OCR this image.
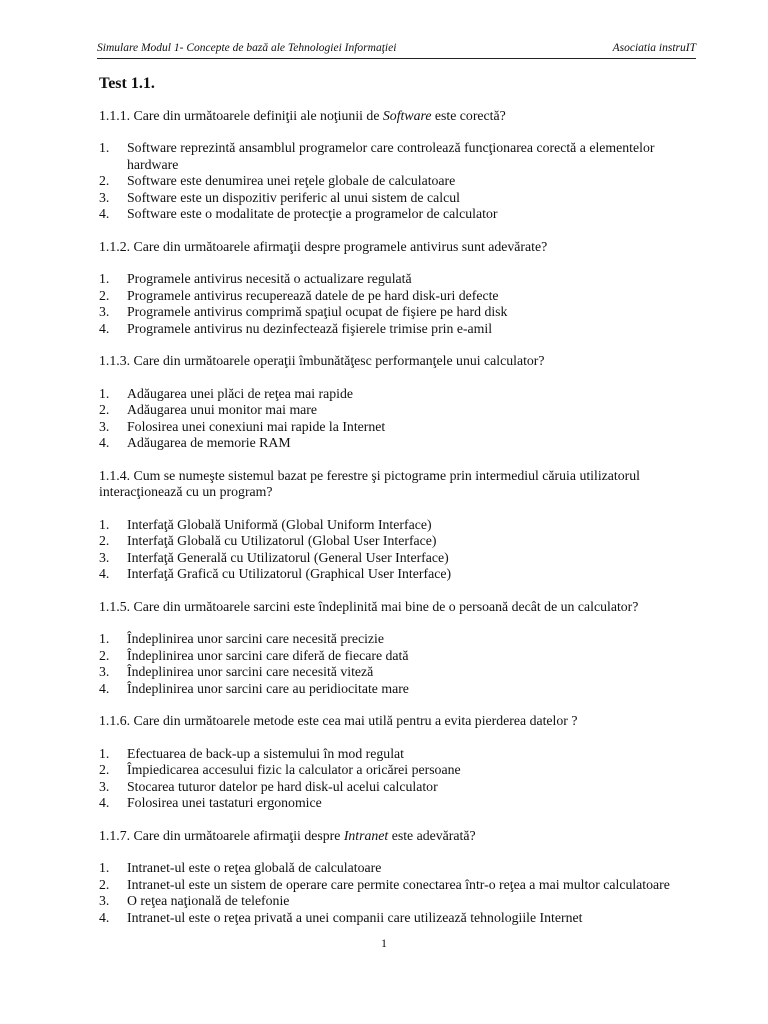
Simulare Modul 1- Concepte de bază ale Tehnologiei Informaţiei	Asociatia instruIT
Test 1.1.
1.1.1. Care din următoarele definiţii ale noţiunii de Software este corectă?
1. Software reprezintă ansamblul programelor care controlează funcţionarea corectă a elementelor hardware
2. Software este denumirea unei reţele globale de calculatoare
3. Software este un dispozitiv periferic al unui sistem de calcul
4. Software este o modalitate de protecţie a programelor de calculator
1.1.2. Care din următoarele afirmaţii despre programele antivirus sunt adevărate?
1. Programele antivirus necesită o actualizare regulată
2. Programele antivirus recuperează datele de pe hard disk-uri defecte
3. Programele antivirus comprimă spaţiul ocupat de fişiere pe hard disk
4. Programele antivirus nu dezinfectează fişierele trimise prin e-amil
1.1.3. Care din următoarele operaţii îmbunătăţesc performanţele unui calculator?
1. Adăugarea unei plăci de reţea mai rapide
2. Adăugarea unui monitor mai mare
3. Folosirea unei conexiuni mai rapide la Internet
4. Adăugarea de memorie RAM
1.1.4. Cum se numeşte sistemul bazat pe ferestre şi pictograme prin intermediul căruia utilizatorul interacţionează cu un program?
1. Interfaţă Globală Uniformă (Global Uniform Interface)
2. Interfaţă Globală cu Utilizatorul (Global User Interface)
3. Interfaţă Generală cu Utilizatorul (General User Interface)
4. Interfaţă Grafică cu Utilizatorul (Graphical User Interface)
1.1.5. Care din următoarele sarcini este îndeplinită mai bine de o persoană decât de un calculator?
1. Îndeplinirea unor sarcini care necesită precizie
2. Îndeplinirea unor sarcini care diferă de fiecare dată
3. Îndeplinirea unor sarcini care necesită viteză
4. Îndeplinirea unor sarcini care au peridiocitate mare
1.1.6. Care din următoarele metode este cea mai utilă pentru a evita pierderea datelor ?
1. Efectuarea de back-up a sistemului în mod regulat
2. Împiedicarea accesului fizic la calculator a oricărei persoane
3. Stocarea tuturor datelor pe hard disk-ul acelui calculator
4. Folosirea unei tastaturi ergonomice
1.1.7. Care din următoarele afirmaţii despre Intranet este adevărată?
1. Intranet-ul este o reţea globală de calculatoare
2. Intranet-ul este un sistem de operare care permite conectarea într-o reţea a mai multor calculatoare
3. O reţea naţională de telefonie
4. Intranet-ul este o reţea privată a unei companii care utilizează tehnologiile Internet
1
